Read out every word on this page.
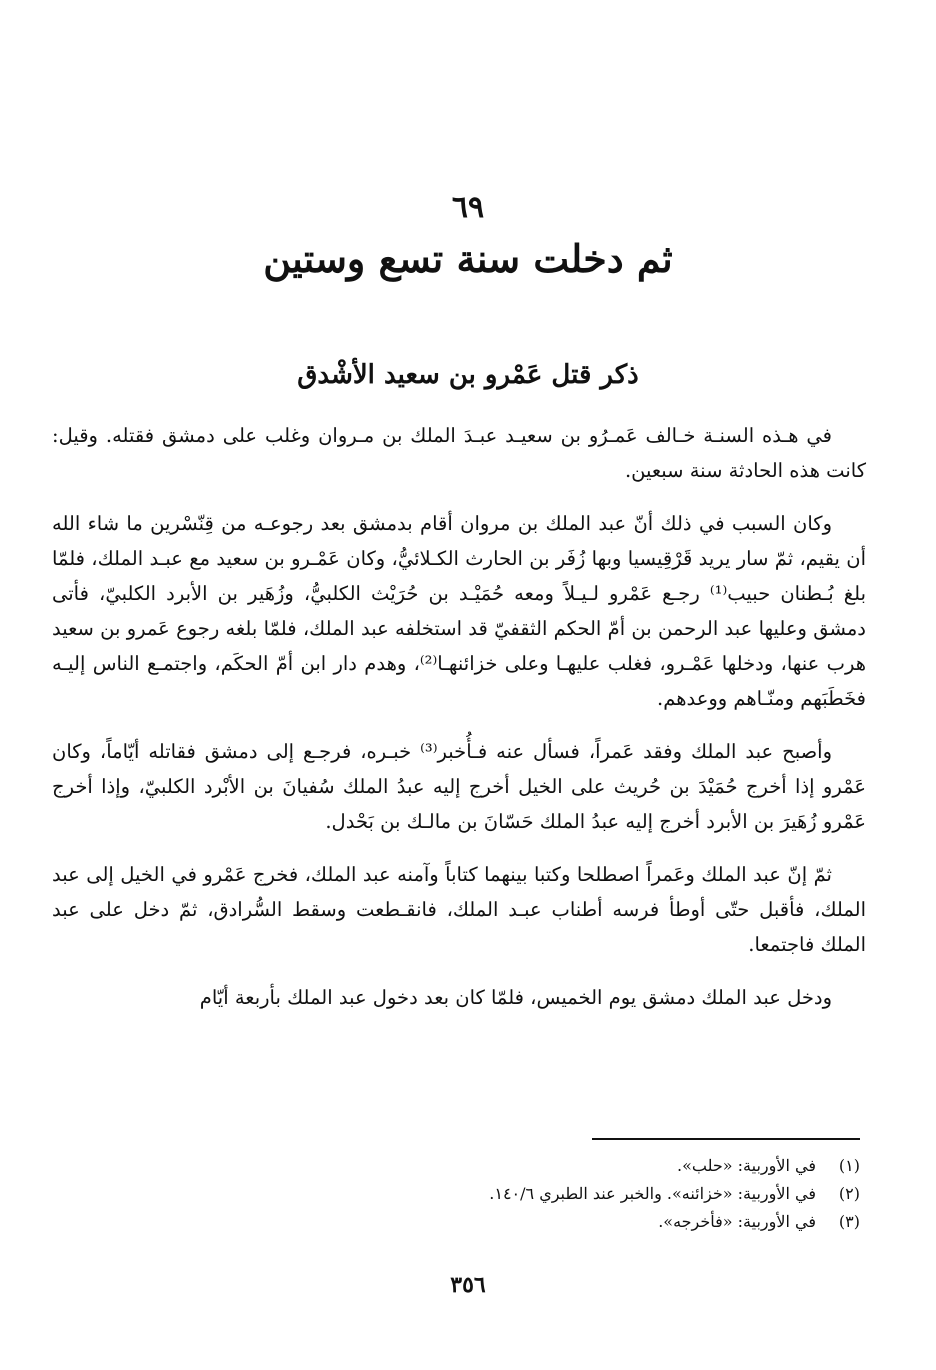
٦٩
ثم دخلت سنة تسع وستين
ذكر قتل عَمْرو بن سعيد الأشْدق

في هـذه السنـة خـالف عَمـرُو بن سعيـد عبـدَ الملك بن مـروان وغلب على دمشق فقتله. وقيل: كانت هذه الحادثة سنة سبعين.

وكان السبب في ذلك أنّ عبد الملك بن مروان أقام بدمشق بعد رجوعـه من قِنّسْرين ما شاء الله أن يقيم، ثمّ سار يريد قَرْقِيسيا وبها زُفَر بن الحارث الكـلائيُّ، وكان عَمْـرو بن سعيد مع عبـد الملك، فلمّا بلغ بُـطنان حبيب⁽¹⁾ رجـع عَمْرو لـيـلاً ومعه حُمَيْـد بن حُرَيْث الكلبيُّ، وزُهَير بن الأبرد الكلبيّ، فأتى دمشق وعليها عبد الرحمن بن أمّ الحكم الثقفيّ قد استخلفه عبد الملك، فلمّا بلغه رجوع عَمرو بن سعيد هرب عنها، ودخلها عَمْـرو، فغلب عليهـا وعلى خزائنهـا⁽²⁾، وهدم دار ابن أمّ الحكَم، واجتمـع الناس إليـه فخَطَبَهم ومنّـاهم ووعدهم.

وأصبح عبد الملك وفقد عَمراً، فسأل عنه فـأُخبر⁽³⁾ خبـره، فرجـع إلى دمشق فقاتله أيّاماً، وكان عَمْرو إذا أخرج حُمَيْدَ بن حُريث على الخيل أخرج إليه عبدُ الملك سُفيانَ بن الأبْرد الكلبيّ، وإذا أخرج عَمْرو زُهَيرَ بن الأبرد أخرج إليه عبدُ الملك حَسّانَ بن مالـك بن بَحْدل.

ثمّ إنّ عبد الملك وعَمراً اصطلحا وكتبا بينهما كتاباً وآمنه عبد الملك، فخرج عَمْرو في الخيل إلى عبد الملك، فأقبل حتّى أوطأ فرسه أطناب عبـد الملك، فانقـطعت وسقط السُّرادق، ثمّ دخل على عبد الملك فاجتمعا.

ودخل عبد الملك دمشق يوم الخميس، فلمّا كان بعد دخول عبد الملك بأربعة أيّام

(١)
في الأوربية: «حلب».
(٢)
في الأوربية: «خزائنه». والخبر عند الطبري ١٤٠/٦.
(٣)
في الأوربية: «فأخرجه».
٣٥٦
